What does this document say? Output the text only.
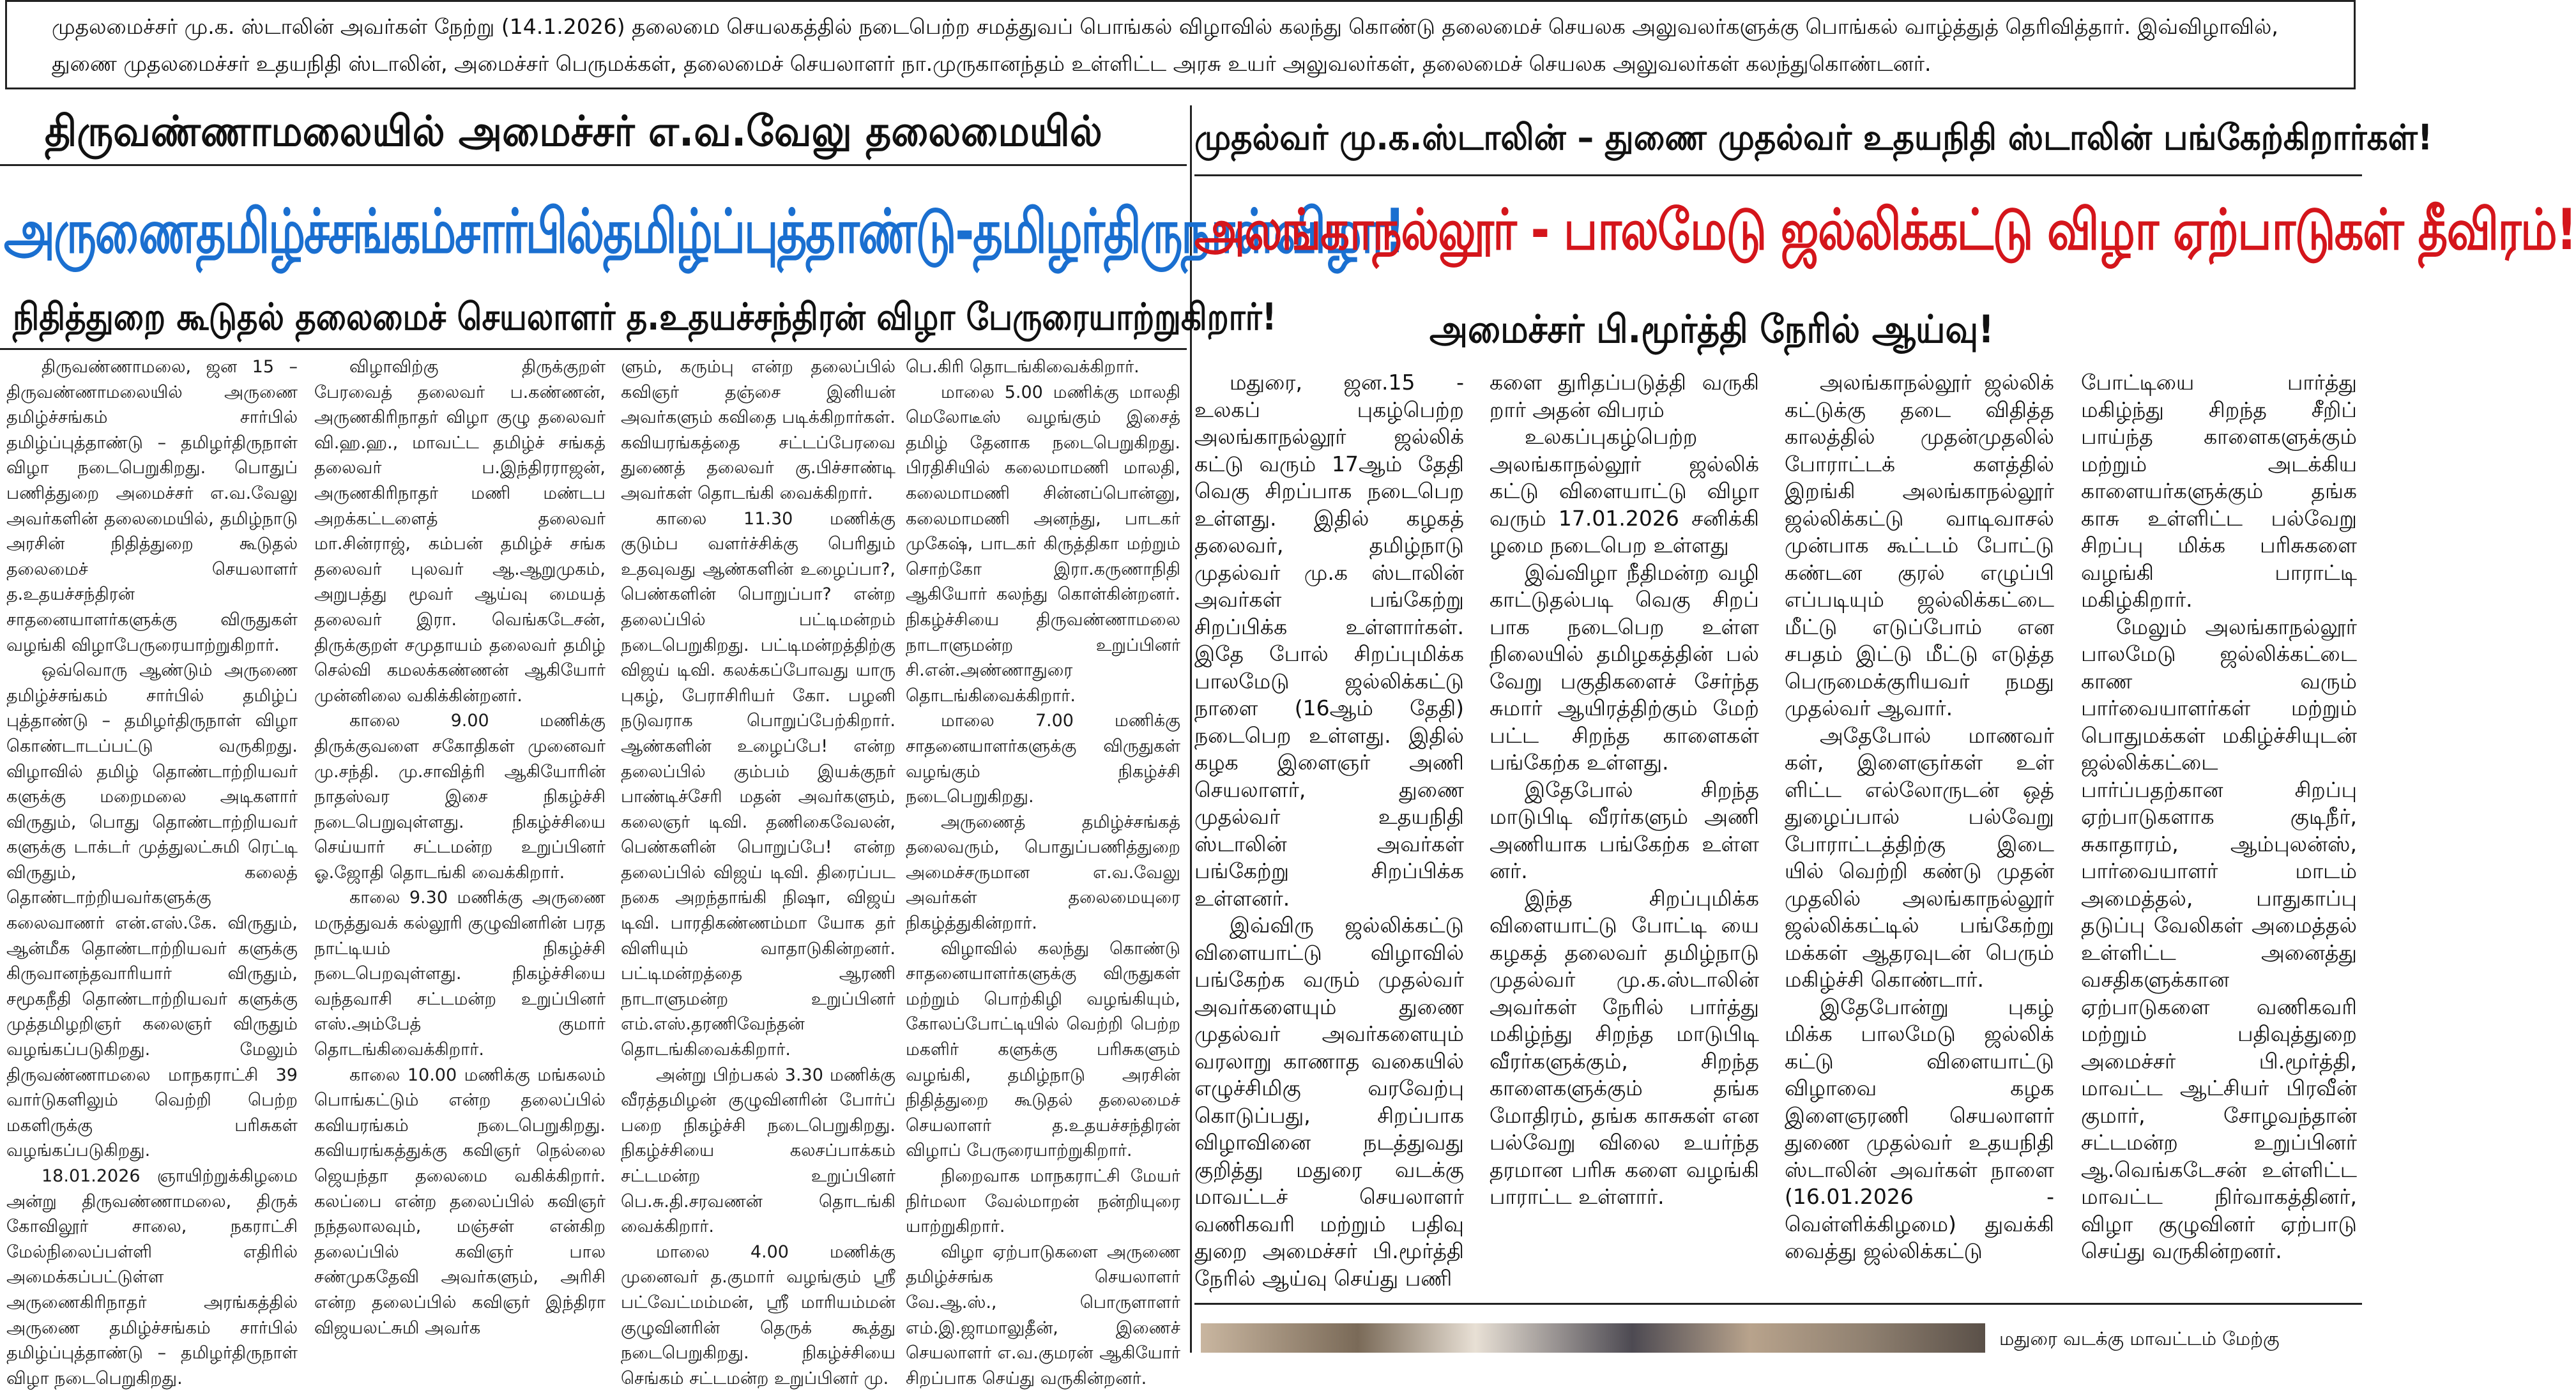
முதலமைச்சர் மு.க. ஸ்டாலின் அவர்கள் நேற்று (14.1.2026) தலைமை செயலகத்தில் நடைபெற்ற சமத்துவப் பொங்கல் விழாவில் கலந்து கொண்டு தலைமைச் செயலக அலுவலர்களுக்கு பொங்கல் வாழ்த்துத் தெரிவித்தார். இவ்விழாவில், துணை முதலமைச்சர் உதயநிதி ஸ்டாலின், அமைச்சர் பெருமக்கள், தலைமைச் செயலாளர் நா.முருகானந்தம் உள்ளிட்ட அரசு உயர் அலுவலர்கள், தலைமைச் செயலக அலுவலர்கள் கலந்துகொண்டனர்.
திருவண்ணாமலையில் அமைச்சர் எ.வ.வேலு தலைமையில்
அருணைதமிழ்ச்சங்கம்சார்பில்தமிழ்ப்புத்தாண்டு-தமிழர்திருநாள்விழா!
நிதித்துறை கூடுதல் தலைமைச் செயலாளர் த.உதயச்சந்திரன் விழா பேருரையாற்றுகிறார்!

திருவண்ணாமலை, ஜன 15 – திருவண்ணாமலையில் அருணை தமிழ்ச்சங்கம் சார்பில் தமிழ்ப்புத்தாண்டு – தமிழர்திருநாள் விழா நடைபெறுகிறது. பொதுப் பணித்துறை அமைச்சர் எ.வ.வேலு அவர்களின் தலைமையில், தமிழ்நாடு அரசின் நிதித்துறை கூடுதல் தலைமைச் செயலாளர் த.உதயச்சந்திரன் சாதனையாளர்களுக்கு விருதுகள் வழங்கி விழாபேருரையாற்றுகிறார்.

ஒவ்வொரு ஆண்டும் அருணை தமிழ்ச்சங்கம் சார்பில் தமிழ்ப் புத்தாண்டு – தமிழர்திருநாள் விழா கொண்டாடப்பட்டு வருகிறது. விழாவில் தமிழ் தொண்டாற்றியவர் களுக்கு மறைமலை அடிகளார் விருதும், பொது தொண்டாற்றியவர் களுக்கு டாக்டர் முத்துலட்சுமி ரெட்டி விருதும், கலைத் தொண்டாற்றியவர்களுக்கு கலைவாணர் என்.எஸ்.கே. விருதும், ஆன்மீக தொண்டாற்றியவர் களுக்கு கிருவானந்தவாரியார் விருதும், சமூகநீதி தொண்டாற்றியவர் களுக்கு முத்தமிழறிஞர் கலைஞர் விருதும் வழங்கப்படுகிறது. மேலும் திருவண்ணாமலை மாநகராட்சி 39 வார்டுகளிலும் வெற்றி பெற்ற மகளிருக்கு பரிசுகள் வழங்கப்படுகிறது.

18.01.2026 ஞாயிற்றுக்கிழமை அன்று திருவண்ணாமலை, திருக் கோவிலூர் சாலை, நகராட்சி மேல்நிலைப்பள்ளி எதிரில் அமைக்கப்பட்டுள்ள அருணைகிரிநாதர் அரங்கத்தில் அருணை தமிழ்ச்சங்கம் சார்பில் தமிழ்ப்புத்தாண்டு – தமிழர்திருநாள் விழா நடைபெறுகிறது.

விழாவிற்கு திருக்குறள் பேரவைத் தலைவர் ப.கண்ணன், அருணகிரிநாதர் விழா குழு தலைவர் வி.ஹ.ஹ., மாவட்ட தமிழ்ச் சங்கத் தலைவர் ப.இந்திரராஜன், அருணகிரிநாதர் மணி மண்டப அறக்கட்டளைத் தலைவர் மா.சின்ராஜ், கம்பன் தமிழ்ச் சங்க தலைவர் புலவர் ஆ.ஆறுமுகம், அறுபத்து மூவர் ஆய்வு மையத் தலைவர் இரா. வெங்கடேசன், திருக்குறள் சமுதாயம் தலைவர் தமிழ் செல்வி கமலக்கண்ணன் ஆகியோர் முன்னிலை வகிக்கின்றனர்.

காலை 9.00 மணிக்கு திருக்குவளை சகோதிகள் முனைவர் மு.சந்தி. மு.சாவித்ரி ஆகியோரின் நாதஸ்வர இசை நிகழ்ச்சி நடைபெறுவுள்ளது. நிகழ்ச்சியை செய்யார் சட்டமன்ற உறுப்பினர் ஓ.ஜோதி தொடங்கி வைக்கிறார்.

காலை 9.30 மணிக்கு அருணை மருத்துவக் கல்லூரி குழுவினரின் பரத நாட்டியம் நிகழ்ச்சி நடைபெறவுள்ளது. நிகழ்ச்சியை வந்தவாசி சட்டமன்ற உறுப்பினர் எஸ்.அம்பேத் குமார் தொடங்கிவைக்கிறார்.

காலை 10.00 மணிக்கு மங்கலம் பொங்கட்டும் என்ற தலைப்பில் கவியரங்கம் நடைபெறுகிறது. கவியரங்கத்துக்கு கவிஞர் நெல்லை ஜெயந்தா தலைமை வகிக்கிறார். கலப்பை என்ற தலைப்பில் கவிஞர் நந்தலாலவும், மஞ்சள் என்கிற தலைப்பில் கவிஞர் பால சண்முகதேவி அவர்களும், அரிசி என்ற தலைப்பில் கவிஞர் இந்திரா விஜயலட்சுமி அவர்க

ளும், கரும்பு என்ற தலைப்பில் கவிஞர் தஞ்சை இனியன் அவர்களும் கவிதை படிக்கிறார்கள். கவியரங்கத்தை சட்டப்பேரவை துணைத் தலைவர் கு.பிச்சாண்டி அவர்கள் தொடங்கி வைக்கிறார்.

காலை 11.30 மணிக்கு குடும்ப வளர்ச்சிக்கு பெரிதும் உதவுவது ஆண்களின் உழைப்பா?, பெண்களின் பொறுப்பா? என்ற தலைப்பில் பட்டிமன்றம் நடைபெறுகிறது. பட்டிமன்றத்திற்கு விஜய் டிவி. கலக்கப்போவது யாரு புகழ், பேராசிரியர் கோ. பழனி நடுவராக பொறுப்பேற்கிறார். ஆண்களின் உழைப்பே! என்ற தலைப்பில் கும்பம் இயக்குநர் பாண்டிச்சேரி மதன் அவர்களும், கலைஞர் டிவி. தணிகைவேலன், பெண்களின் பொறுப்பே! என்ற தலைப்பில் விஜய் டிவி. திரைப்பட நகை அறந்தாங்கி நிஷா, விஜய் டிவி. பாரதிகண்ணம்மா யோக தர் விளியும் வாதாடுகின்றனர். பட்டிமன்றத்தை ஆரணி நாடாளுமன்ற உறுப்பினர் எம்.எஸ்.தரணிவேந்தன் தொடங்கிவைக்கிறார்.

அன்று பிற்பகல் 3.30 மணிக்கு வீரத்தமிழன் குழுவினரின் போர்ப் பறை நிகழ்ச்சி நடைபெறுகிறது. நிகழ்ச்சியை கலசப்பாக்கம் சட்டமன்ற உறுப்பினர் பெ.சு.தி.சரவணன் தொடங்கி வைக்கிறார்.

மாலை 4.00 மணிக்கு முனைவர் த.குமார் வழங்கும் ஸ்ரீ பட்வேட்மம்மன், ஸ்ரீ மாரியம்மன் குழுவினரின் தெருக் கூத்து நடைபெறுகிறது. நிகழ்ச்சியை செங்கம் சட்டமன்ற உறுப்பினர் மு.

பெ.கிரி தொடங்கிவைக்கிறார்.

மாலை 5.00 மணிக்கு மாலதி மெலோடீஸ் வழங்கும் இசைத் தமிழ் தேனாக நடைபெறுகிறது. பிரதிசியில் கலைமாமணி மாலதி, கலைமாமணி சின்னப்பொன்னு, கலைமாமணி அனந்து, பாடகர் முகேஷ், பாடகர் கிருத்திகா மற்றும் சொற்கோ இரா.கருணாநிதி ஆகியோர் கலந்து கொள்கின்றனர். நிகழ்ச்சியை திருவண்ணாமலை நாடாளுமன்ற உறுப்பினர் சி.என்.அண்ணாதுரை தொடங்கிவைக்கிறார்.

மாலை 7.00 மணிக்கு சாதனையாளர்களுக்கு விருதுகள் வழங்கும் நிகழ்ச்சி நடைபெறுகிறது.

அருணைத் தமிழ்ச்சங்கத் தலைவரும், பொதுப்பணித்துறை அமைச்சருமான எ.வ.வேலு அவர்கள் தலைமையுரை நிகழ்த்துகின்றார்.

விழாவில் கலந்து கொண்டு சாதனையாளர்களுக்கு விருதுகள் மற்றும் பொற்கிழி வழங்கியும், கோலப்போட்டியில் வெற்றி பெற்ற மகளிர் களுக்கு பரிசுகளும் வழங்கி, தமிழ்நாடு அரசின் நிதித்துறை கூடுதல் தலைமைச் செயலாளர் த.உதயச்சந்திரன் விழாப் பேருரையாற்றுகிறார்.

நிறைவாக மாநகராட்சி மேயர் நிர்மலா வேல்மாறன் நன்றியுரை யாற்றுகிறார்.

விழா ஏற்பாடுகளை அருணை தமிழ்ச்சங்க செயலாளர் வே.ஆ.ஸ்., பொருளாளர் எம்.இ.ஜாமாலுதீன், இணைச் செயலாளர் எ.வ.குமரன் ஆகியோர் சிறப்பாக செய்து வருகின்றனர்.

முதல்வர் மு.க.ஸ்டாலின் – துணை முதல்வர் உதயநிதி ஸ்டாலின் பங்கேற்கிறார்கள்!
அலங்காநல்லூர் - பாலமேடு ஜல்லிக்கட்டு விழா ஏற்பாடுகள் தீவிரம்!
அமைச்சர் பி.மூர்த்தி நேரில் ஆய்வு!

மதுரை, ஜன.15 - உலகப் புகழ்பெற்ற அலங்காநல்லூர் ஜல்லிக் கட்டு வரும் 17ஆம் தேதி வெகு சிறப்பாக நடைபெற உள்ளது. இதில் கழகத் தலைவர், தமிழ்நாடு முதல்வர் மு.க ஸ்டாலின் அவர்கள் பங்கேற்று சிறப்பிக்க உள்ளார்கள். இதே போல் சிறப்புமிக்க பாலமேடு ஜல்லிக்கட்டு நாளை (16ஆம் தேதி) நடைபெற உள்ளது. இதில் கழக இளைஞர் அணி செயலாளர், துணை முதல்வர் உதயநிதி ஸ்டாலின் அவர்கள் பங்கேற்று சிறப்பிக்க உள்ளனர்.

இவ்விரு ஜல்லிக்கட்டு விளையாட்டு விழாவில் பங்கேற்க வரும் முதல்வர் அவர்களையும் துணை முதல்வர் அவர்களையும் வரலாறு காணாத வகையில் எழுச்சிமிகு வரவேற்பு கொடுப்பது, சிறப்பாக விழாவினை நடத்துவது குறித்து மதுரை வடக்கு மாவட்டச் செயலாளர் வணிகவரி மற்றும் பதிவு துறை அமைச்சர் பி.மூர்த்தி நேரில் ஆய்வு செய்து பணி

களை துரிதப்படுத்தி வருகி றார் அதன் விபரம்

உலகப்புகழ்பெற்ற அலங்காநல்லூர் ஜல்லிக் கட்டு விளையாட்டு விழா வரும் 17.01.2026 சனிக்கி ழமை நடைபெற உள்ளது

இவ்விழா நீதிமன்ற வழி காட்டுதல்படி வெகு சிறப் பாக நடைபெற உள்ள நிலையில் தமிழகத்தின் பல் வேறு பகுதிகளைச் சேர்ந்த சுமார் ஆயிரத்திற்கும் மேற் பட்ட சிறந்த காளைகள் பங்கேற்க உள்ளது.

இதேபோல் சிறந்த மாடுபிடி வீரர்களும் அணி அணியாக பங்கேற்க உள்ள னர்.

இந்த சிறப்புமிக்க விளையாட்டு போட்டி யை கழகத் தலைவர் தமிழ்நாடு முதல்வர் மு.க.ஸ்டாலின் அவர்கள் நேரில் பார்த்து மகிழ்ந்து சிறந்த மாடுபிடி வீரர்களுக்கும், சிறந்த காளைகளுக்கும் தங்க மோதிரம், தங்க காசுகள் என பல்வேறு விலை உயர்ந்த தரமான பரிசு களை வழங்கி பாராட்ட உள்ளார்.

அலங்காநல்லூர் ஜல்லிக் கட்டுக்கு தடை விதித்த காலத்தில் முதன்முதலில் போராட்டக் களத்தில் இறங்கி அலங்காநல்லூர் ஜல்லிக்கட்டு வாடிவாசல் முன்பாக கூட்டம் போட்டு கண்டன குரல் எழுப்பி எப்படியும் ஜல்லிக்கட்டை மீட்டு எடுப்போம் என சபதம் இட்டு மீட்டு எடுத்த பெருமைக்குரியவர் நமது முதல்வர் ஆவார்.

அதேபோல் மாணவர் கள், இளைஞர்கள் உள் ளிட்ட எல்லோருடன் ஒத் துழைப்பால் பல்வேறு போராட்டத்திற்கு இடை யில் வெற்றி கண்டு முதன் முதலில் அலங்காநல்லூர் ஜல்லிக்கட்டில் பங்கேற்று மக்கள் ஆதரவுடன் பெரும் மகிழ்ச்சி கொண்டார்.

இதேபோன்று புகழ் மிக்க பாலமேடு ஜல்லிக் கட்டு விளையாட்டு விழாவை கழக இளைஞரணி செயலாளர் துணை முதல்வர் உதயநிதி ஸ்டாலின் அவர்கள் நாளை (16.01.2026 - வெள்ளிக்கிழமை) துவக்கி வைத்து ஜல்லிக்கட்டு

போட்டியை பார்த்து மகிழ்ந்து சிறந்த சீறிப் பாய்ந்த காளைகளுக்கும் மற்றும் அடக்கிய காளையர்களுக்கும் தங்க காசு உள்ளிட்ட பல்வேறு சிறப்பு மிக்க பரிசுகளை வழங்கி பாராட்டி மகிழ்கிறார்.

மேலும் அலங்காநல்லூர் பாலமேடு ஜல்லிக்கட்டை காண வரும் பார்வையாளர்கள் மற்றும் பொதுமக்கள் மகிழ்ச்சியுடன் ஜல்லிக்கட்டை பார்ப்பதற்கான சிறப்பு ஏற்பாடுகளாக குடிநீர், சுகாதாரம், ஆம்புலன்ஸ், பார்வையாளர் மாடம் அமைத்தல், பாதுகாப்பு தடுப்பு வேலிகள் அமைத்தல் உள்ளிட்ட அனைத்து வசதிகளுக்கான ஏற்பாடுகளை வணிகவரி மற்றும் பதிவுத்துறை அமைச்சர் பி.மூர்த்தி, மாவட்ட ஆட்சியர் பிரவீன் குமார், சோழவந்தான் சட்டமன்ற உறுப்பினர் ஆ.வெங்கடேசன் உள்ளிட்ட மாவட்ட நிர்வாகத்தினர், விழா குழுவினர் ஏற்பாடு செய்து வருகின்றனர்.

மதுரை வடக்கு மாவட்டம் மேற்கு
